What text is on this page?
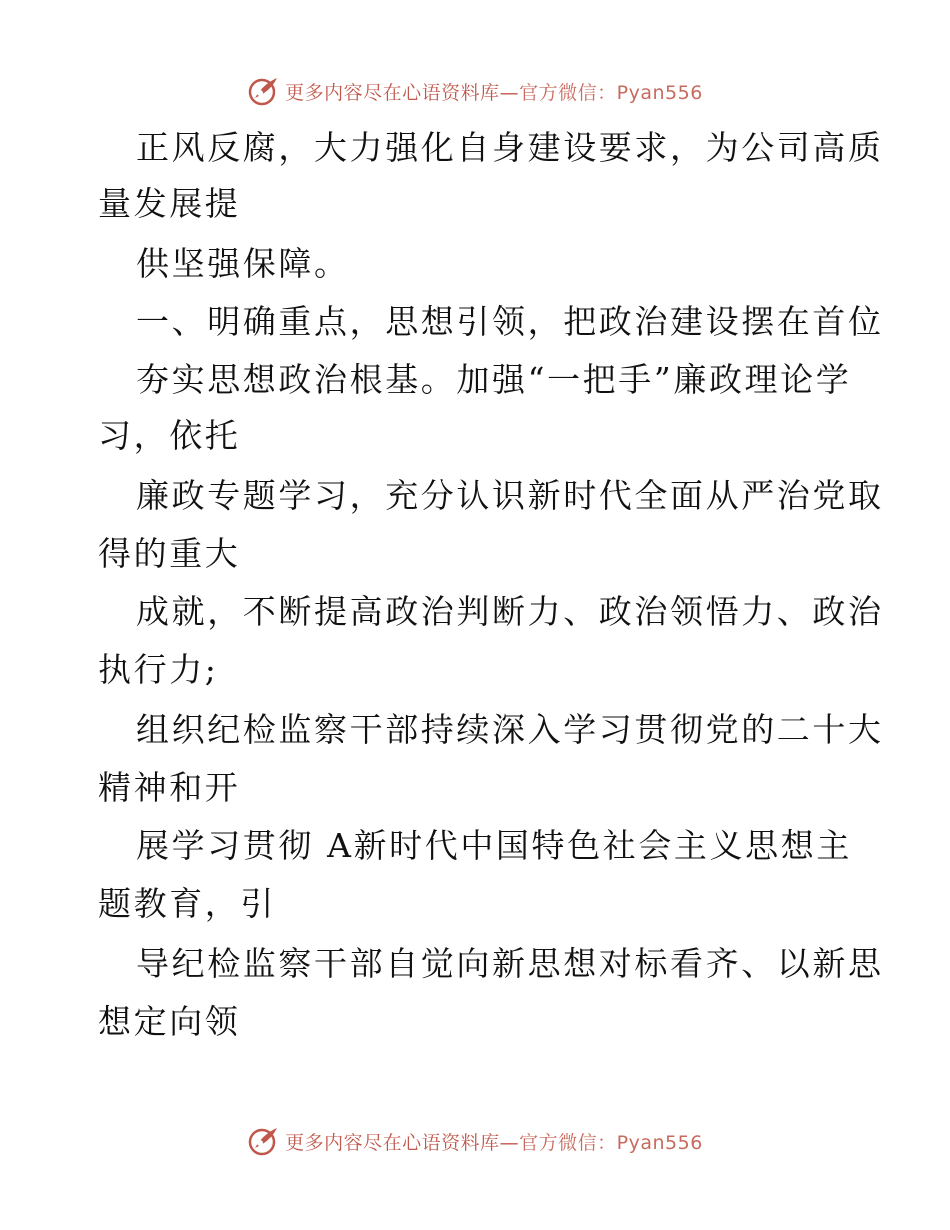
更多内容尽在心语资料库— 官方微信：Pyan556
正风反腐，大力强化自身建设要求，为公司高质
量发展提
供坚强保障。
一、明确重点，思想引领，把政治建设摆在首位
夯实思想政治根基。加强“一把手”廉政理论学
习，依托
廉政专题学习，充分认识新时代全面从严治党取
得的重大
成就，不断提高政治判断力、政治领悟力、政治
执行力;
组织纪检监察干部持续深入学习贯彻党的二十大
精神和开
展学习贯彻 A新时代中国特色社会主义思想主
题教育，引
导纪检监察干部自觉向新思想对标看齐、以新思
想定向领
更多内容尽在心语资料库— 官方微信：Pyan556
